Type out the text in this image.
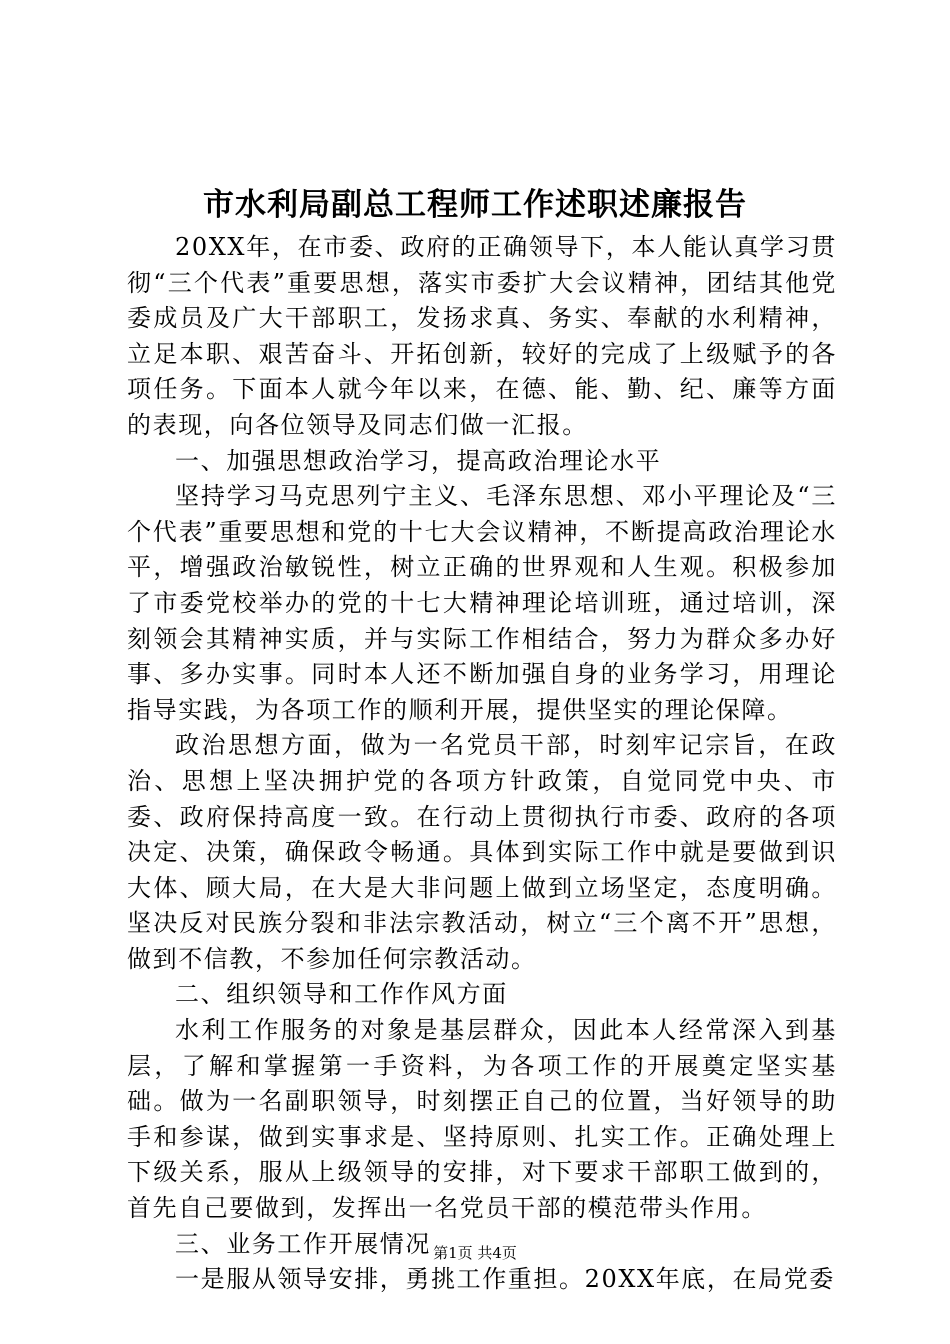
市水利局副总工程师工作述职述廉报告

20XX年，在市委、政府的正确领导下，本人能认真学习贯彻“三个代表”重要思想，落实市委扩大会议精神，团结其他党委成员及广大干部职工，发扬求真、务实、奉献的水利精神，立足本职、艰苦奋斗、开拓创新，较好的完成了上级赋予的各项任务。下面本人就今年以来，在德、能、勤、纪、廉等方面的表现，向各位领导及同志们做一汇报。

一、加强思想政治学习，提高政治理论水平

坚持学习马克思列宁主义、毛泽东思想、邓小平理论及“三个代表”重要思想和党的十七大会议精神，不断提高政治理论水平，增强政治敏锐性，树立正确的世界观和人生观。积极参加了市委党校举办的党的十七大精神理论培训班，通过培训，深刻领会其精神实质，并与实际工作相结合，努力为群众多办好事、多办实事。同时本人还不断加强自身的业务学习，用理论指导实践，为各项工作的顺利开展，提供坚实的理论保障。

政治思想方面，做为一名党员干部，时刻牢记宗旨，在政治、思想上坚决拥护党的各项方针政策，自觉同党中央、市委、政府保持高度一致。在行动上贯彻执行市委、政府的各项决定、决策，确保政令畅通。具体到实际工作中就是要做到识大体、顾大局，在大是大非问题上做到立场坚定，态度明确。坚决反对民族分裂和非法宗教活动，树立“三个离不开”思想，做到不信教，不参加任何宗教活动。

二、组织领导和工作作风方面

水利工作服务的对象是基层群众，因此本人经常深入到基层，了解和掌握第一手资料，为各项工作的开展奠定坚实基础。做为一名副职领导，时刻摆正自己的位置，当好领导的助手和参谋，做到实事求是、坚持原则、扎实工作。正确处理上下级关系，服从上级领导的安排，对下要求干部职工做到的，首先自己要做到，发挥出一名党员干部的模范带头作用。

三、业务工作开展情况

一是服从领导安排，勇挑工作重担。20XX年底，在局党委

第1页 共4页
